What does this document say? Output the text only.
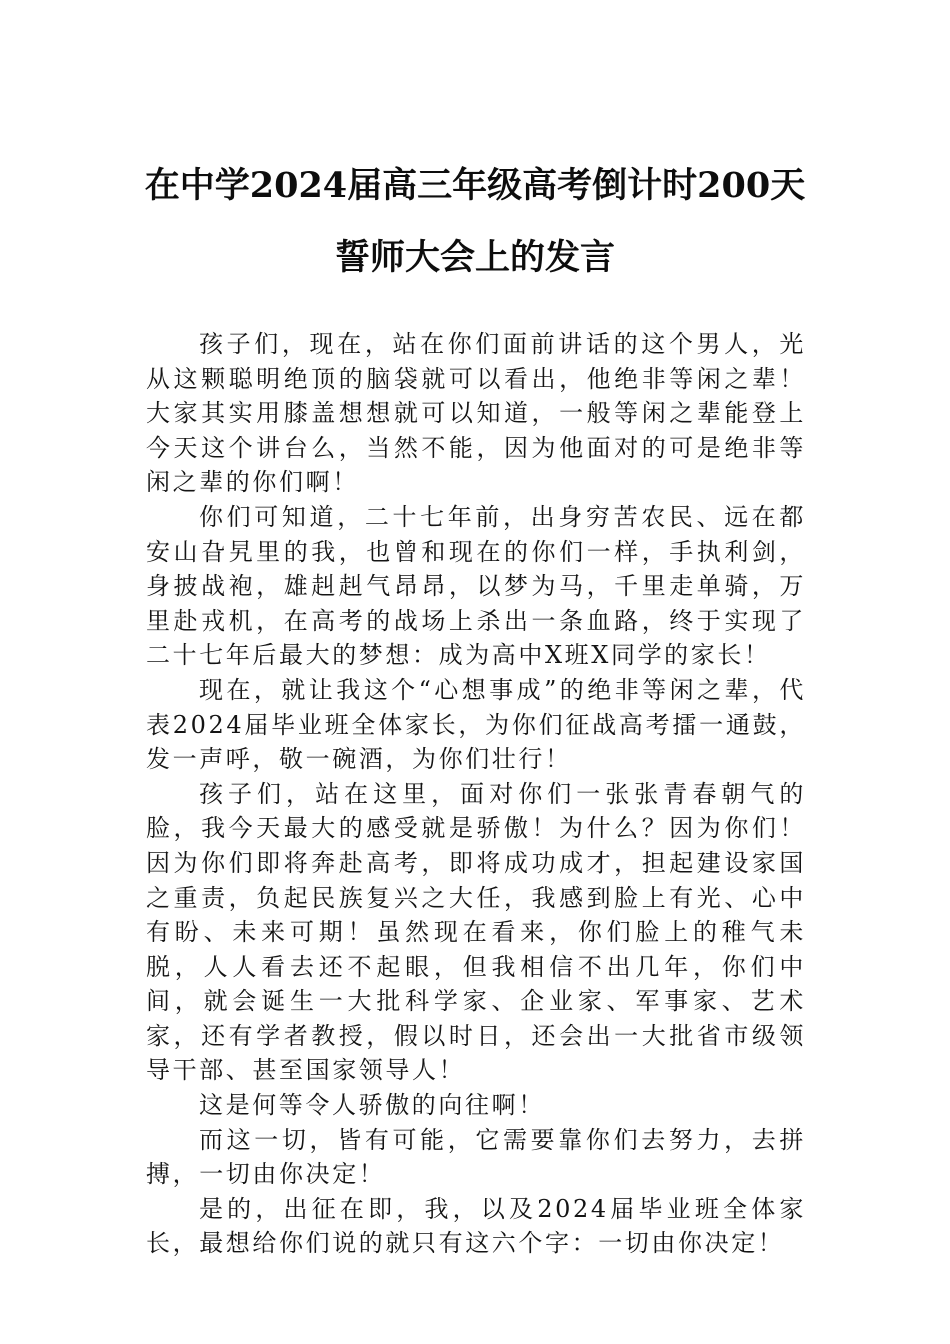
在中学2024届高三年级高考倒计时200天
誓师大会上的发言

孩子们，现在，站在你们面前讲话的这个男人，光从这颗聪明绝顶的脑袋就可以看出，他绝非等闲之辈！大家其实用膝盖想想就可以知道，一般等闲之辈能登上今天这个讲台么，当然不能，因为他面对的可是绝非等闲之辈的你们啊！

你们可知道，二十七年前，出身穷苦农民、远在都安山旮旯里的我，也曾和现在的你们一样，手执利剑，身披战袍，雄赳赳气昂昂，以梦为马，千里走单骑，万里赴戎机，在高考的战场上杀出一条血路，终于实现了二十七年后最大的梦想：成为高中X班X同学的家长！

现在，就让我这个“心想事成”的绝非等闲之辈，代表2024届毕业班全体家长，为你们征战高考擂一通鼓，发一声呼，敬一碗酒，为你们壮行！

孩子们，站在这里，面对你们一张张青春朝气的脸，我今天最大的感受就是骄傲！为什么？因为你们！因为你们即将奔赴高考，即将成功成才，担起建设家国之重责，负起民族复兴之大任，我感到脸上有光、心中有盼、未来可期！虽然现在看来，你们脸上的稚气未脱，人人看去还不起眼，但我相信不出几年，你们中间，就会诞生一大批科学家、企业家、军事家、艺术家，还有学者教授，假以时日，还会出一大批省市级领导干部、甚至国家领导人！

这是何等令人骄傲的向往啊！

而这一切，皆有可能，它需要靠你们去努力，去拼搏，一切由你决定！

是的，出征在即，我，以及2024届毕业班全体家长，最想给你们说的就只有这六个字：一切由你决定！
